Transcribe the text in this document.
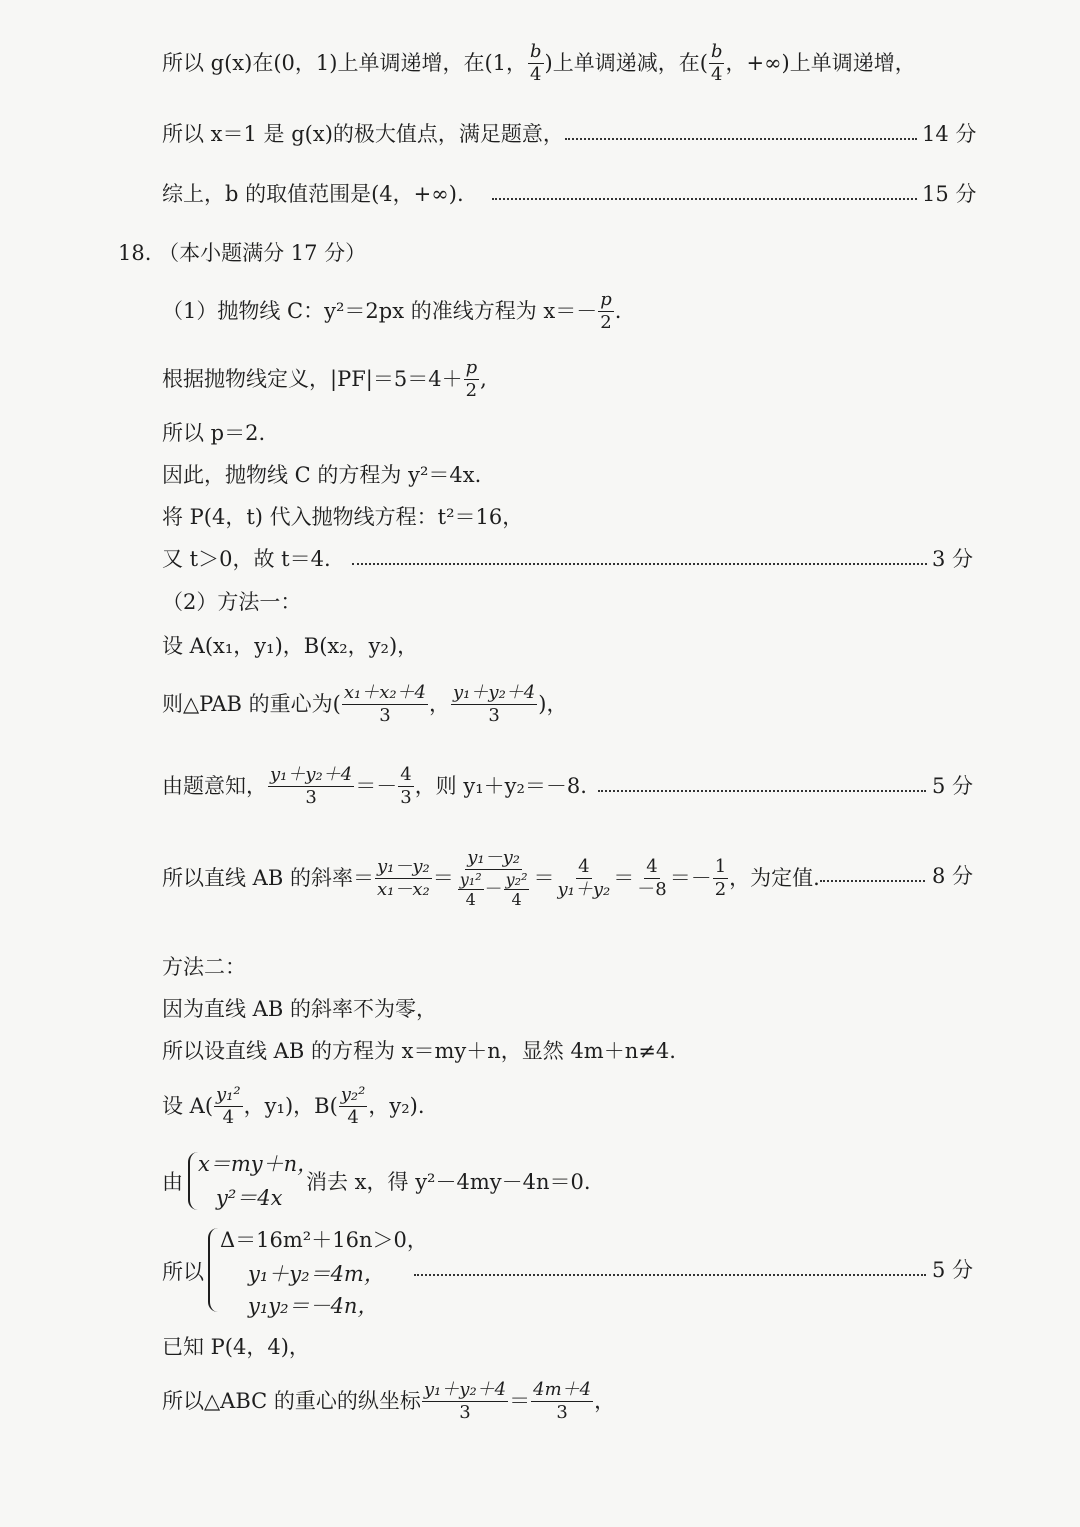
所以 g(x)在(0，1)上单调递增，在(1， $\frac{b}{4}$ )上单调递减，在( $\frac{b}{4}$ ，+∞)上单调递增，
所以 x＝1 是 g(x)的极大值点，满足题意，	14 分
综上，b 的取值范围是(4，+∞).	15 分
18. （本小题满分 17 分）
（1）抛物线 C：y²＝2px 的准线方程为 $x=- \frac{p}{2}$ .
根据抛物线定义，$|PF|=5=4+ \frac{p}{2}$ ,
所以 p＝2.
因此，抛物线 C 的方程为 y²＝4x.
将 P(4，t) 代入抛物线方程：t²＝16，
又 t＞0，故 t＝4.	3 分
（2）方法一：
设 A(x₁，y₁)，B(x₂，y₂)，
则△PAB 的重心为( $\frac{\text{x₁＋x₂＋4}}{3}$ ， $\frac{\text{y₁＋y₂＋4}}{3}$ )，
由题意知， $\frac{\text{y₁＋y₂＋4}}{3} =- \frac{4}{3}$ ，则 y₁＋y₂＝－8.	5 分
所以直线 AB 的斜率＝ $\frac{\text{y₁－y₂}}{\text{x₁－x₂}} = \frac{\text{y₁－y₂}}{\frac{\text{y₁²}}{4} - \frac{\text{y₂²}}{4}} = \frac{4}{\text{y₁＋y₂}} = \frac{4}{-8} =- \frac{1}{2}$ ，为定值.	8 分
方法二：
因为直线 AB 的斜率不为零，
所以设直线 AB 的方程为 x＝my＋n，显然 4m＋n≠4.
设 $A( \frac{\text{y₁²}}{4}$ ，y₁)，$B( \frac{\text{y₂²}}{4}$ ，y₂).
由
x＝my＋n，
y²＝4x
消去 x，得 y²－4my－4n＝0.
所以
Δ＝16m²＋16n＞0，
y₁＋y₂＝4m，
y₁y₂＝－4n，
5 分
已知 P(4，4)，
所以△ABC 的重心的纵坐标 $\frac{\text{y₁＋y₂＋4}}{3} = \frac{4m+4}{3}$ ，
